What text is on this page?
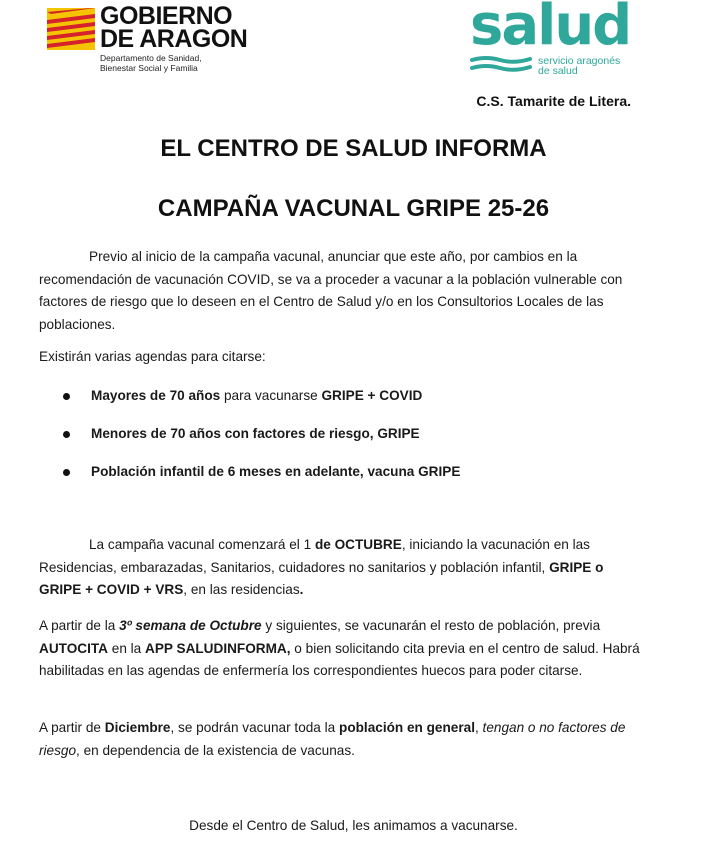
GOBIERNO
DE ARAGON
Departamento de Sanidad,
Bienestar Social y Familia
salud
servicio aragonés
de salud
C.S. Tamarite de Litera.
EL CENTRO DE SALUD INFORMA
CAMPAÑA VACUNAL GRIPE 25-26
Previo al inicio de la campaña vacunal, anunciar que este año, por cambios en la recomendación de vacunación COVID, se va a proceder a vacunar a la población vulnerable con factores de riesgo que lo deseen en el Centro de Salud y/o en los Consultorios Locales de las poblaciones.
Existirán varias agendas para citarse:
Mayores de 70 años para vacunarse GRIPE + COVID
Menores de 70 años con factores de riesgo, GRIPE
Población infantil de 6 meses en adelante, vacuna GRIPE
La campaña vacunal comenzará el 1 de OCTUBRE, iniciando la vacunación en las Residencias, embarazadas, Sanitarios, cuidadores no sanitarios y población infantil, GRIPE o GRIPE + COVID + VRS, en las residencias.
A partir de la 3º semana de Octubre y siguientes, se vacunarán el resto de población, previa AUTOCITA en la APP SALUDINFORMA, o bien solicitando cita previa en el centro de salud. Habrá habilitadas en las agendas de enfermería los correspondientes huecos para poder citarse.
A partir de Diciembre, se podrán vacunar toda la población en general, tengan o no factores de riesgo, en dependencia de la existencia de vacunas.
Desde el Centro de Salud, les animamos a vacunarse.
